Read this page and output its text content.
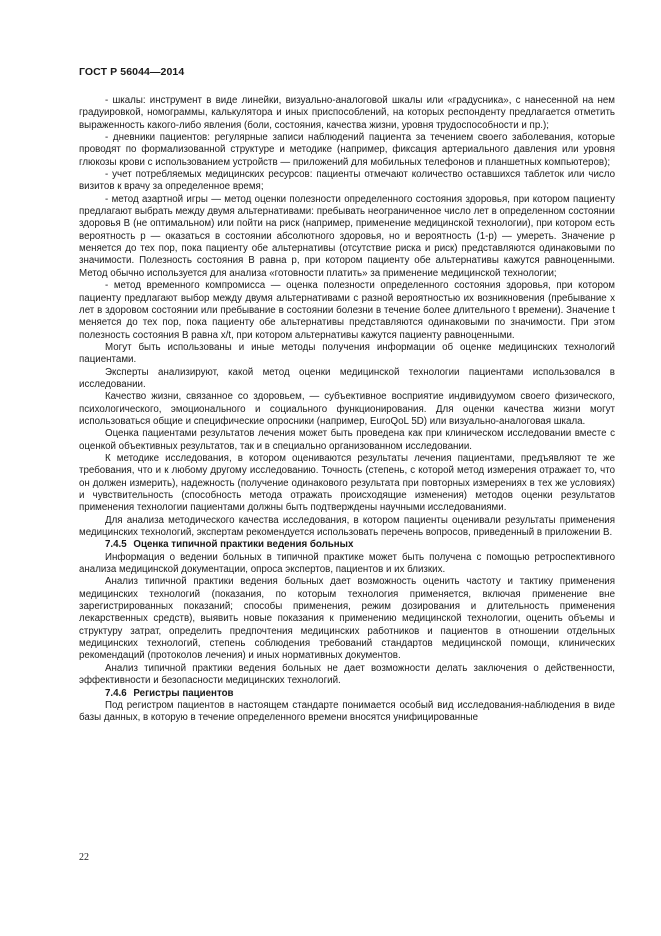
ГОСТ Р 56044—2014

- шкалы: инструмент в виде линейки, визуально-аналоговой шкалы или «градусника», с нанесенной на нем градуировкой, номограммы, калькулятора и иных приспособлений, на которых респонденту предлагается отметить выраженность какого-либо явления (боли, состояния, качества жизни, уровня трудоспособности и пр.);

- дневники пациентов: регулярные записи наблюдений пациента за течением своего заболевания, которые проводят по формализованной структуре и методике (например, фиксация артериального давления или уровня глюкозы крови с использованием устройств — приложений для мобильных телефонов и планшетных компьютеров);

- учет потребляемых медицинских ресурсов: пациенты отмечают количество оставшихся таблеток или число визитов к врачу за определенное время;

- метод азартной игры — метод оценки полезности определенного состояния здоровья, при котором пациенту предлагают выбрать между двумя альтернативами: пребывать неограниченное число лет в определенном состоянии здоровья B (не оптимальном) или пойти на риск (например, применение медицинской технологии), при котором есть вероятность p — оказаться в состоянии абсолютного здоровья, но и вероятность (1-p) — умереть. Значение p меняется до тех пор, пока пациенту обе альтернативы (отсутствие риска и риск) представляются одинаковыми по значимости. Полезность состояния B равна p, при котором пациенту обе альтернативы кажутся равноценными. Метод обычно используется для анализа «готовности платить» за применение медицинской технологии;

- метод временного компромисса — оценка полезности определенного состояния здоровья, при котором пациенту предлагают выбор между двумя альтернативами с разной вероятностью их возникновения (пребывание x лет в здоровом состоянии или пребывание в состоянии болезни в течение более длительного t времени). Значение t меняется до тех пор, пока пациенту обе альтернативы представляются одинаковыми по значимости. При этом полезность состояния B равна x/t, при котором альтернативы кажутся пациенту равноценными.

Могут быть использованы и иные методы получения информации об оценке медицинских технологий пациентами.

Эксперты анализируют, какой метод оценки медицинской технологии пациентами использовался в исследовании.

Качество жизни, связанное со здоровьем, — субъективное восприятие индивидуумом своего физического, психологического, эмоционального и социального функционирования. Для оценки качества жизни могут использоваться общие и специфические опросники (например, EuroQoL 5D) или визуально-аналоговая шкала.

Оценка пациентами результатов лечения может быть проведена как при клиническом исследовании вместе с оценкой объективных результатов, так и в специально организованном исследовании.

К методике исследования, в котором оцениваются результаты лечения пациентами, предъявляют те же требования, что и к любому другому исследованию. Точность (степень, с которой метод измерения отражает то, что он должен измерить), надежность (получение одинакового результата при повторных измерениях в тех же условиях) и чувствительность (способность метода отражать происходящие изменения) методов оценки результатов применения технологии пациентами должны быть подтверждены научными исследованиями.

Для анализа методического качества исследования, в котором пациенты оценивали результаты применения медицинских технологий, экспертам рекомендуется использовать перечень вопросов, приведенный в приложении В.

7.4.5 Оценка типичной практики ведения больных

Информация о ведении больных в типичной практике может быть получена с помощью ретроспективного анализа медицинской документации, опроса экспертов, пациентов и их близких.

Анализ типичной практики ведения больных дает возможность оценить частоту и тактику применения медицинских технологий (показания, по которым технология применяется, включая применение вне зарегистрированных показаний; способы применения, режим дозирования и длительность применения лекарственных средств), выявить новые показания к применению медицинской технологии, оценить объемы и структуру затрат, определить предпочтения медицинских работников и пациентов в отношении отдельных медицинских технологий, степень соблюдения требований стандартов медицинской помощи, клинических рекомендаций (протоколов лечения) и иных нормативных документов.

Анализ типичной практики ведения больных не дает возможности делать заключения о действенности, эффективности и безопасности медицинских технологий.

7.4.6 Регистры пациентов

Под регистром пациентов в настоящем стандарте понимается особый вид исследования-наблюдения в виде базы данных, в которую в течение определенного времени вносятся унифицированные

22
